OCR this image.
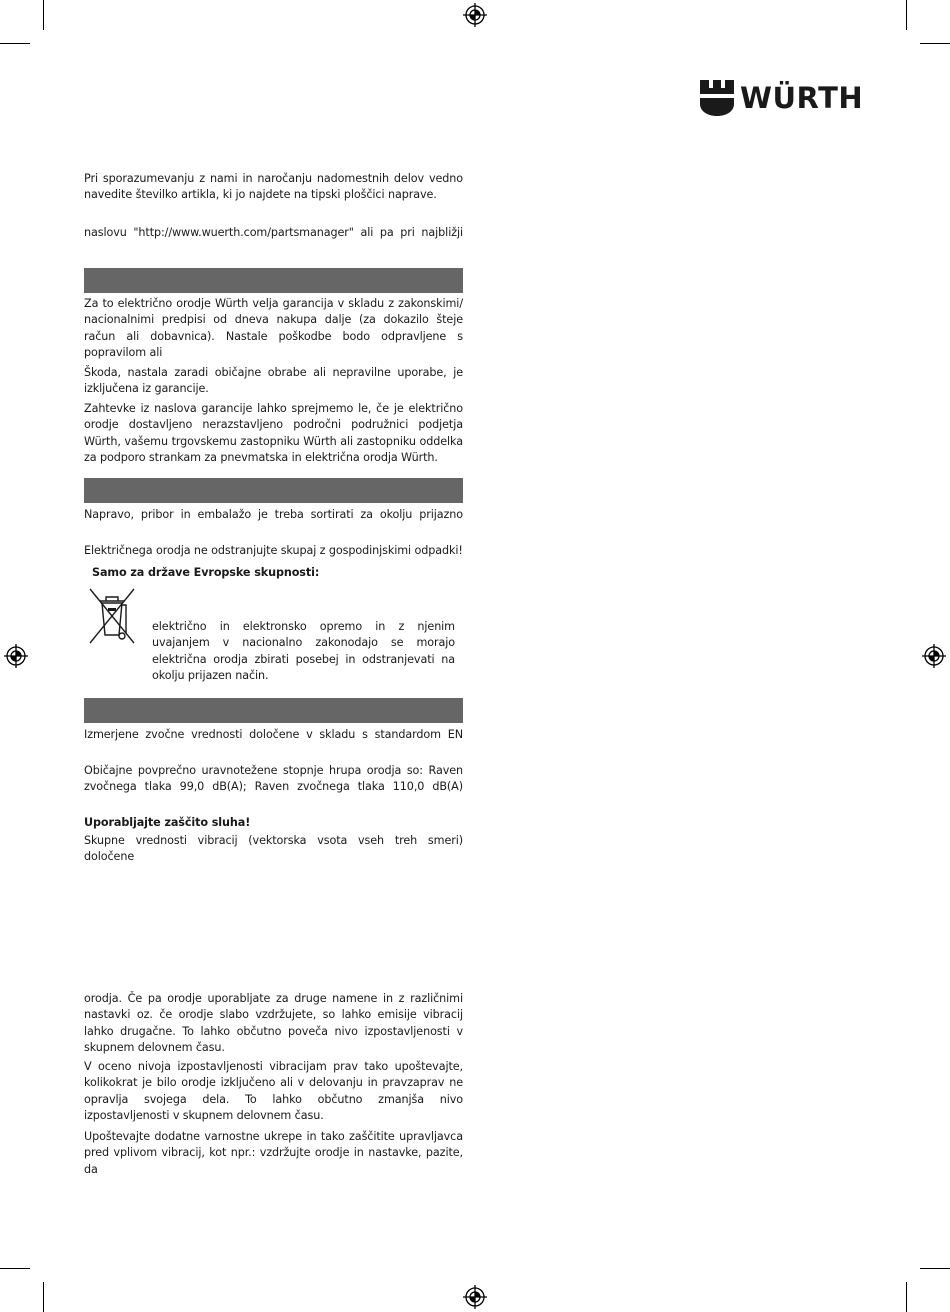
WÜRTH

Pri sporazumevanju z nami in naročanju nadomestnih delov vedno navedite številko artikla, ki jo najdete na tipski ploščici naprave.

naslovu "http://www.wuerth.com/partsmanager" ali pa pri najbližji

Za to električno orodje Würth velja garancija v skladu z zakonskimi/ nacionalnimi predpisi od dneva nakupa dalje (za dokazilo šteje račun ali dobavnica). Nastale poškodbe bodo odpravljene s popravilom ali

Škoda, nastala zaradi običajne obrabe ali nepravilne uporabe, je izključena iz garancije.

Zahtevke iz naslova garancije lahko sprejmemo le, če je električno orodje dostavljeno nerazstavljeno področni podružnici podjetja Würth, vašemu trgovskemu zastopniku Würth ali zastopniku oddelka za podporo strankam za pnevmatska in električna orodja Würth.

Napravo, pribor in embalažo je treba sortirati za okolju prijazno

Električnega orodja ne odstranjujte skupaj z gospodinjskimi odpadki!

Samo za države Evropske skupnosti:

električno in elektronsko opremo in z njenim uvajanjem v nacionalno zakonodajo se morajo električna orodja zbirati posebej in odstranjevati na okolju prijazen način.

Izmerjene zvočne vrednosti določene v skladu s standardom EN

Običajne povprečno uravnotežene stopnje hrupa orodja so: Raven zvočnega tlaka 99,0 dB(A); Raven zvočnega tlaka 110,0 dB(A)

Uporabljajte zaščito sluha!

Skupne vrednosti vibracij (vektorska vsota vseh treh smeri) določene

orodja. Če pa orodje uporabljate za druge namene in z različnimi nastavki oz. če orodje slabo vzdržujete, so lahko emisije vibracij lahko drugačne. To lahko občutno poveča nivo izpostavljenosti v skupnem delovnem času.

V oceno nivoja izpostavljenosti vibracijam prav tako upoštevajte, kolikokrat je bilo orodje izključeno ali v delovanju in pravzaprav ne opravlja svojega dela. To lahko občutno zmanjša nivo izpostavljenosti v skupnem delovnem času.

Upoštevajte dodatne varnostne ukrepe in tako zaščitite upravljavca pred vplivom vibracij, kot npr.: vzdržujte orodje in nastavke, pazite, da
